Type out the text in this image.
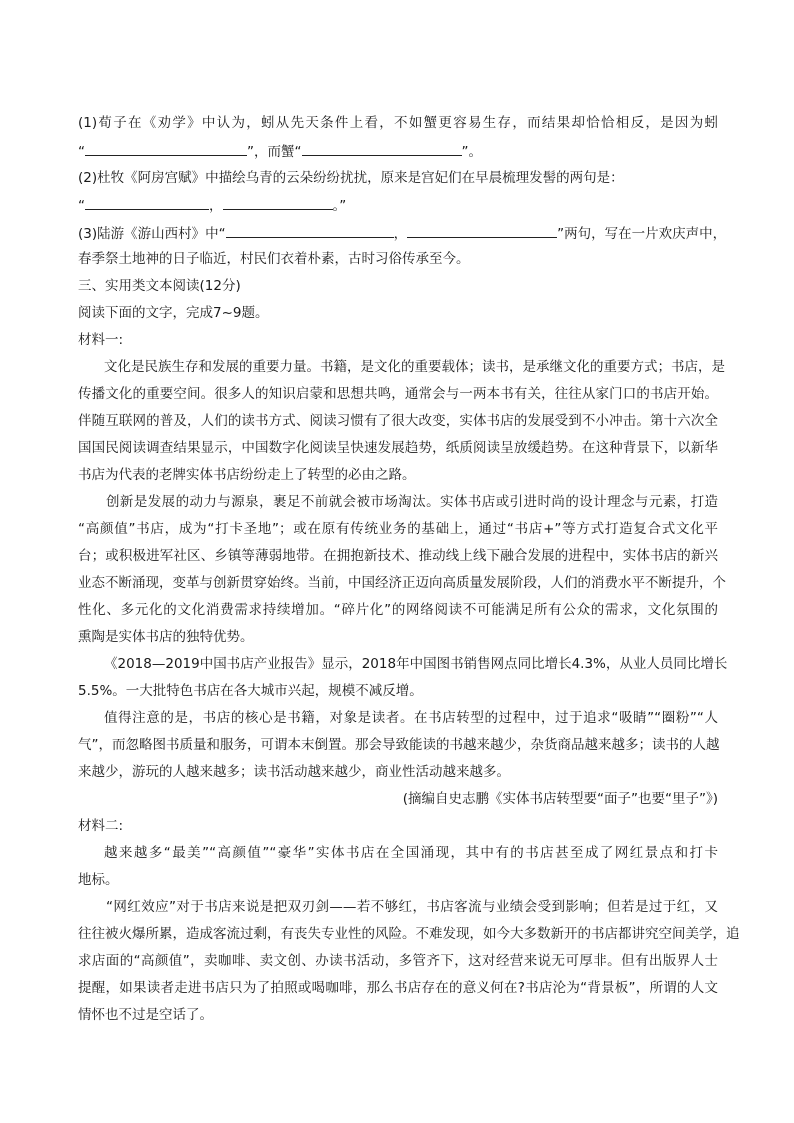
(1)荀子在《劝学》中认为，蚓从先天条件上看，不如蟹更容易生存，而结果却恰恰相反，是因为蚓
“	”，而蟹“	”。
(2)杜牧《阿房宫赋》中描绘乌青的云朵纷纷扰扰，原来是宫妃们在早晨梳理发髻的两句是：
“	，	。”
(3)陆游《游山西村》中“	，	”两句，写在一片欢庆声中，
春季祭土地神的日子临近，村民们衣着朴素，古时习俗传承至今。
三、实用类文本阅读(12分)
阅读下面的文字，完成7~9题。
材料一:
文化是民族生存和发展的重要力量。书籍，是文化的重要载体；读书，是承继文化的重要方式；书店，是
传播文化的重要空间。很多人的知识启蒙和思想共鸣，通常会与一两本书有关，往往从家门口的书店开始。
伴随互联网的普及，人们的读书方式、阅读习惯有了很大改变，实体书店的发展受到不小冲击。第十六次全
国国民阅读调查结果显示，中国数字化阅读呈快速发展趋势，纸质阅读呈放缓趋势。在这种背景下，以新华
书店为代表的老牌实体书店纷纷走上了转型的必由之路。
创新是发展的动力与源泉，裹足不前就会被市场淘汰。实体书店或引进时尚的设计理念与元素，打造
“高颜值”书店，成为“打卡圣地”；或在原有传统业务的基础上，通过“书店+”等方式打造复合式文化平
台；或积极进军社区、乡镇等薄弱地带。在拥抱新技术、推动线上线下融合发展的进程中，实体书店的新兴
业态不断涌现，变革与创新贯穿始终。当前，中国经济正迈向高质量发展阶段，人们的消费水平不断提升，个
性化、多元化的文化消费需求持续增加。“碎片化”的网络阅读不可能满足所有公众的需求，文化氛围的
熏陶是实体书店的独特优势。
《2018—2019中国书店产业报告》显示，2018年中国图书销售网点同比增长4.3%，从业人员同比增长
5.5%。一大批特色书店在各大城市兴起，规模不减反增。
值得注意的是，书店的核心是书籍，对象是读者。在书店转型的过程中，过于追求“吸睛”“圈粉”“人
气”，而忽略图书质量和服务，可谓本末倒置。那会导致能读的书越来越少，杂货商品越来越多；读书的人越
来越少，游玩的人越来越多；读书活动越来越少，商业性活动越来越多。
(摘编自史志鹏《实体书店转型要“面子”也要“里子”》)
材料二:
越来越多“最美”“高颜值”“豪华”实体书店在全国涌现，其中有的书店甚至成了网红景点和打卡
地标。
“网红效应”对于书店来说是把双刃剑——若不够红，书店客流与业绩会受到影响；但若是过于红，又
往往被火爆所累，造成客流过剩，有丧失专业性的风险。不难发现，如今大多数新开的书店都讲究空间美学，追
求店面的“高颜值”，卖咖啡、卖文创、办读书活动，多管齐下，这对经营来说无可厚非。但有出版界人士
提醒，如果读者走进书店只为了拍照或喝咖啡，那么书店存在的意义何在?书店沦为“背景板”，所谓的人文
情怀也不过是空话了。
